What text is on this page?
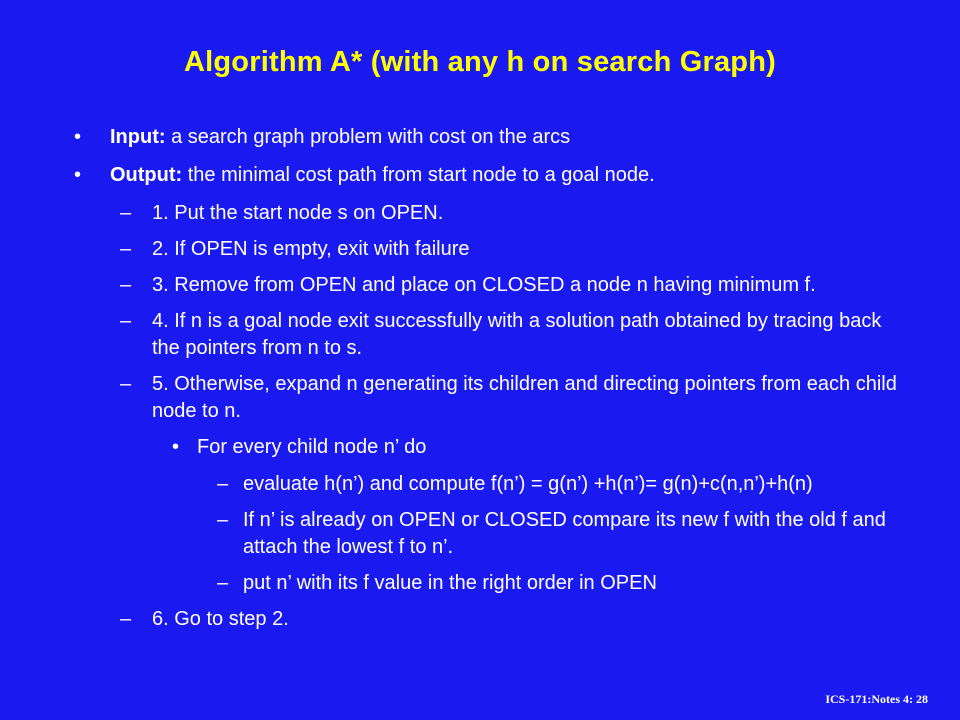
Algorithm A* (with any h on search Graph)
• Input: a search graph problem with cost on the arcs
• Output: the minimal cost path from start node to a goal node.
– 1. Put the start node s on OPEN.
– 2. If OPEN is empty, exit with failure
– 3. Remove from OPEN and place on CLOSED a node n having minimum f.
– 4. If n is a goal node exit successfully with a solution path obtained by tracing back the pointers from n to s.
– 5. Otherwise, expand n generating its children and directing pointers from each child node to n.
• For every child node n’ do
– evaluate h(n’) and compute f(n’) = g(n’) +h(n’)= g(n)+c(n,n’)+h(n)
– If n’ is already on OPEN or CLOSED compare its new f with the old f and attach the lowest f to n’.
– put n’ with its f value in the right order in OPEN
– 6. Go to step 2.
ICS-171:Notes 4: 28
